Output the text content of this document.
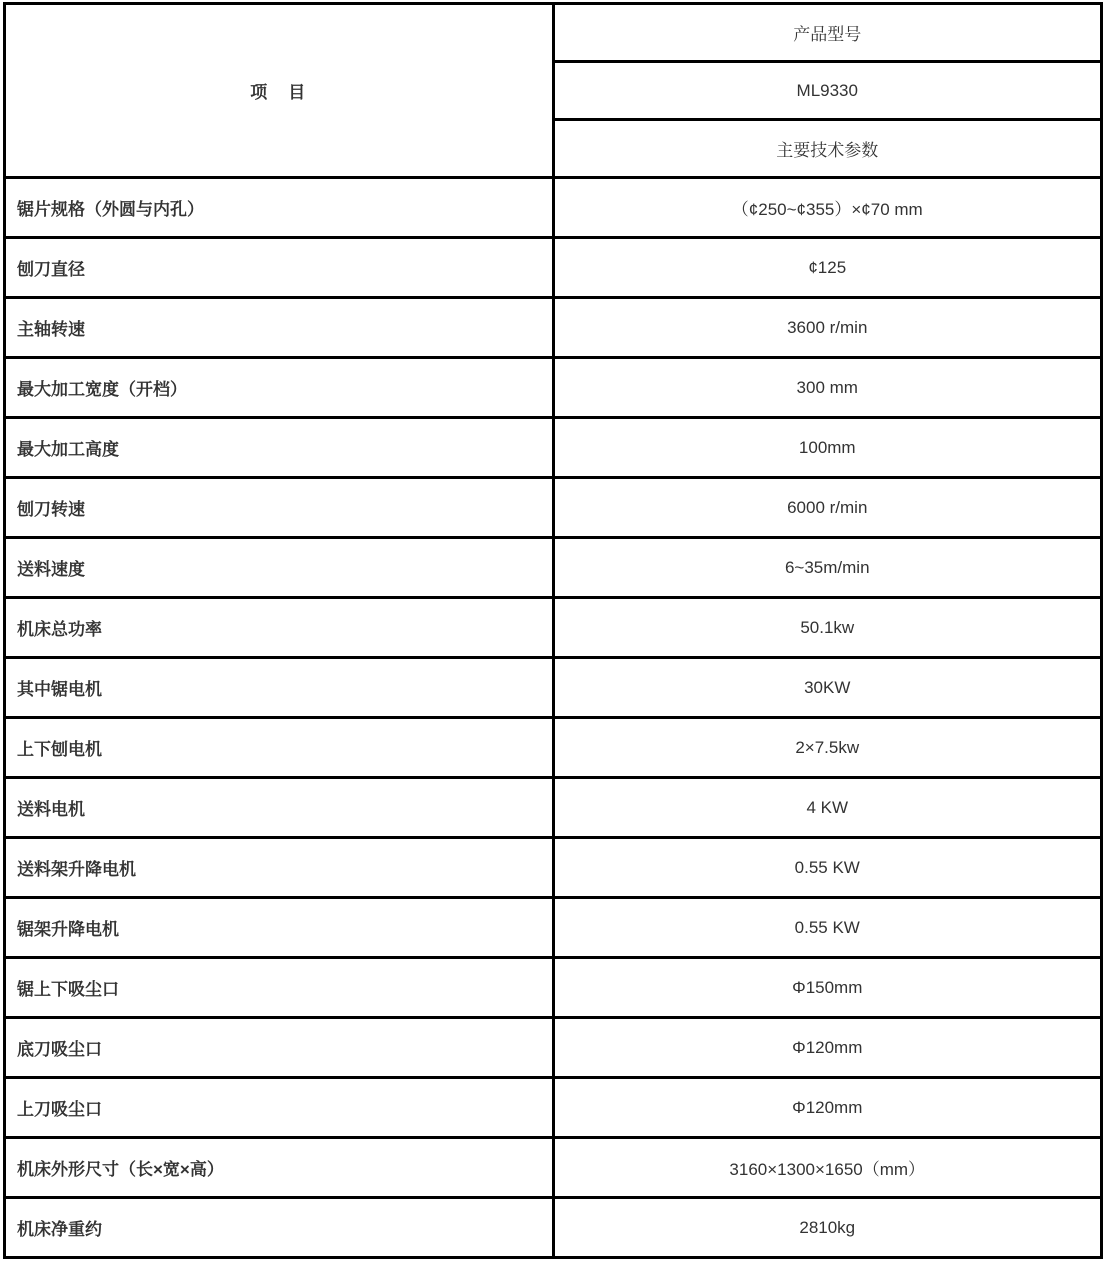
项　目	产品型号
	ML9330
	主要技术参数
锯片规格（外圆与内孔）	（¢250~¢355）×¢70 mm
刨刀直径	¢125
主轴转速	3600 r/min
最大加工宽度（开档）	300 mm
最大加工高度	100mm
刨刀转速	6000 r/min
送料速度	6~35m/min
机床总功率	50.1kw
其中锯电机	30KW
上下刨电机	2×7.5kw
送料电机	4 KW
送料架升降电机	0.55 KW
锯架升降电机	0.55 KW
锯上下吸尘口	Φ150mm
底刀吸尘口	Φ120mm
上刀吸尘口	Φ120mm
机床外形尺寸（长×宽×高）	3160×1300×1650（mm）
机床净重约	2810kg
